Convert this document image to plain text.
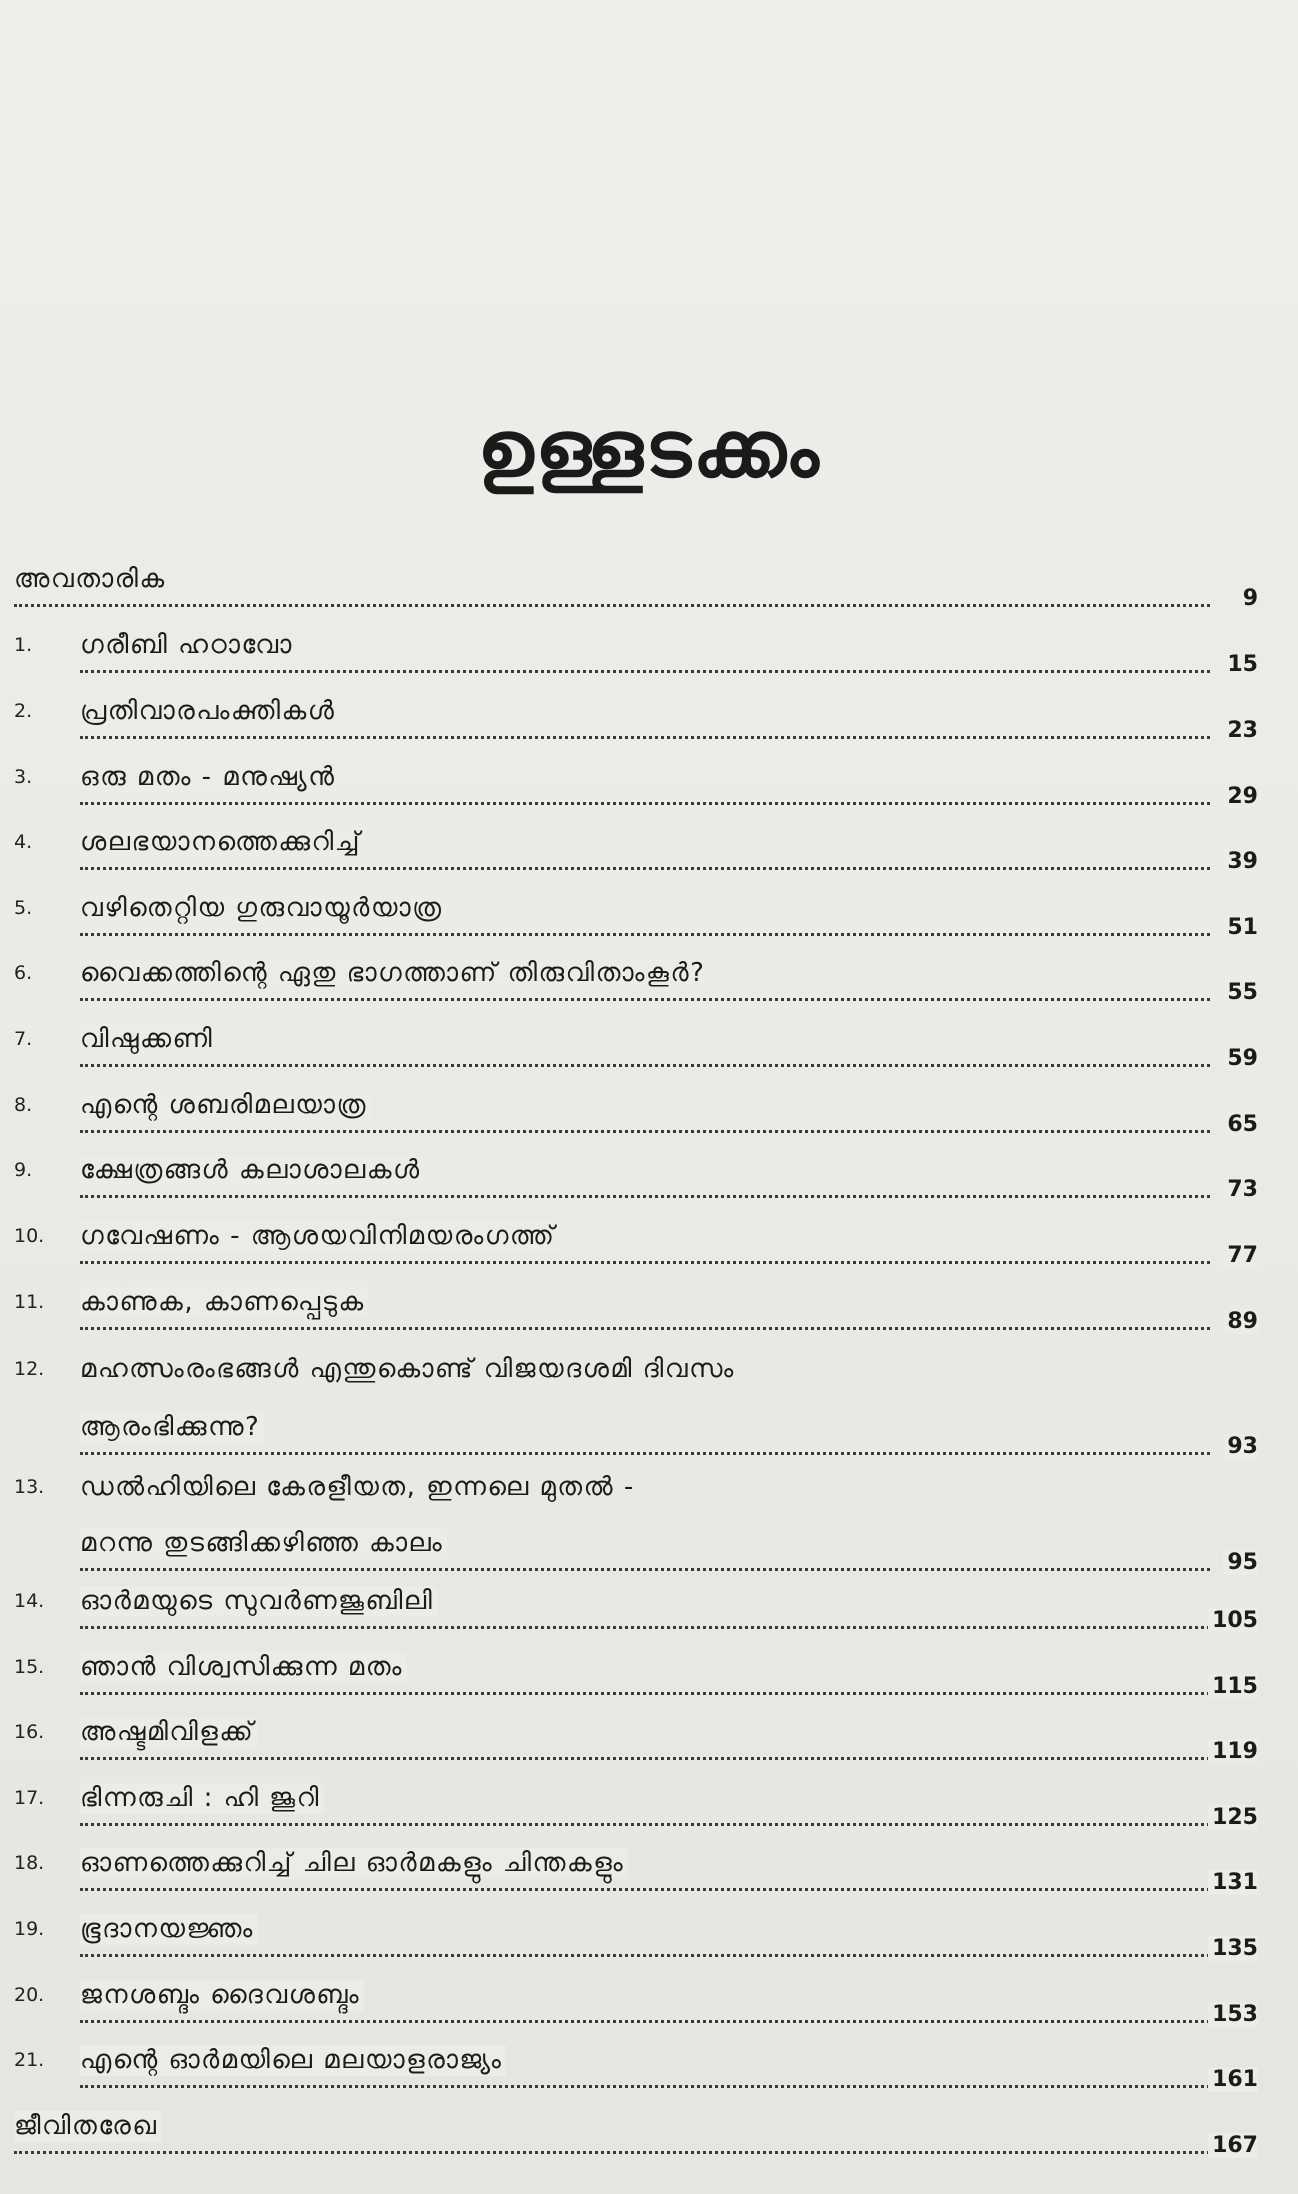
ഉള്ളടക്കം
അവതാരിക
9
1. ഗരീബി ഹഠാവോ
15
2. പ്രതിവാരപംക്തികൾ
23
3. ഒരു മതം - മനുഷ്യൻ
29
4. ശലഭയാനത്തെക്കുറിച്ച്
39
5. വഴിതെറ്റിയ ഗുരുവായൂർയാത്ര
51
6. വൈക്കത്തിന്റെ ഏതു ഭാഗത്താണ് തിരുവിതാംകൂർ?
55
7. വിഷുക്കണി
59
8. എന്റെ ശബരിമലയാത്ര
65
9. ക്ഷേത്രങ്ങൾ കലാശാലകൾ
73
10. ഗവേഷണം - ആശയവിനിമയരംഗത്ത്
77
11. കാണുക, കാണപ്പെടുക
89
12. മഹത്സംരംഭങ്ങൾ എന്തുകൊണ്ട് വിജയദശമി ദിവസം
ആരംഭിക്കുന്നു?
93
13. ഡൽഹിയിലെ കേരളീയത, ഇന്നലെ മുതൽ -
മറന്നു തുടങ്ങിക്കഴിഞ്ഞ കാലം
95
14. ഓർമയുടെ സുവർണജൂബിലി
105
15. ഞാൻ വിശ്വസിക്കുന്ന മതം
115
16. അഷ്ടമിവിളക്ക്
119
17. ഭിന്നരുചി : ഹി ജൂറി
125
18. ഓണത്തെക്കുറിച്ച് ചില ഓർമകളും ചിന്തകളും
131
19. ഭൂദാനയജ്ഞം
135
20. ജനശബ്ദം ദൈവശബ്ദം
153
21. എന്റെ ഓർമയിലെ മലയാളരാജ്യം
161
ജീവിതരേഖ
167
